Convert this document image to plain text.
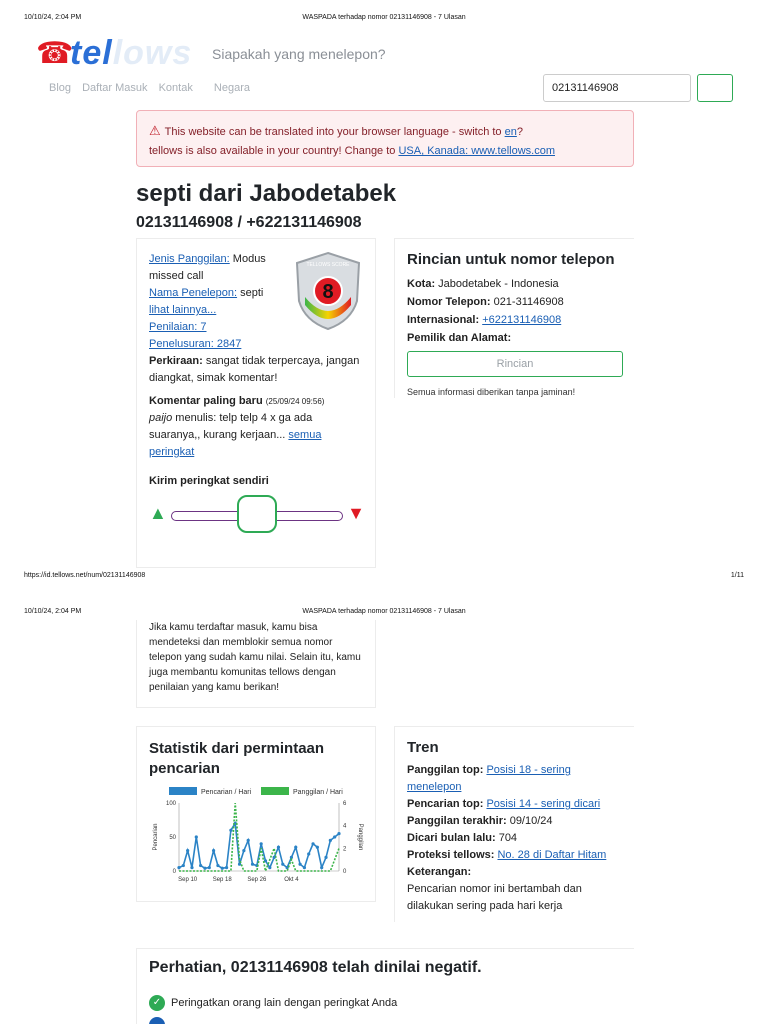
10/10/24, 2:04 PM	WASPADA terhadap nomor 02131146908 - 7 Ulasan
☎
tellows Siapakah yang menelepon?
Blog Daftar Masuk Kontak Negara
02131146908
⚠ This website can be translated into your browser language - switch to en?
tellows is also available in your country! Change to USA, Kanada: www.tellows.com
septi dari Jabodetabek
02131146908 / +622131146908
Jenis Panggilan: Modus missed call
Nama Penelepon: septi
lihat lainnya...
Penilaian: 7
Penelusuran: 2847
Perkiraan: sangat tidak terpercaya, jangan diangkat, simak komentar!
Komentar paling baru (25/09/24 09:56)
paijo menulis: telp telp 4 x ga ada suaranya,, kurang kerjaan... semua peringkat
Kirim peringkat sendiri
8
TELLOWS SCORE
▲	▼
Rincian untuk nomor telepon
Kota: Jabodetabek - Indonesia
Nomor Telepon: 021-31146908
Internasional: +622131146908
Pemilik dan Alamat:
Rincian
Semua informasi diberikan tanpa jaminan!
https://id.tellows.net/num/02131146908	1/11
10/10/24, 2:04 PM	WASPADA terhadap nomor 02131146908 - 7 Ulasan
Jika kamu terdaftar masuk, kamu bisa mendeteksi dan memblokir semua nomor telepon yang sudah kamu nilai. Selain itu, kamu juga membantu komunitas tellows dengan penilaian yang kamu berikan!
Statistik dari permintaan pencarian
Pencarian / Hari	Panggilan / Hari
100
50
0
6
4
2
0
Pencarian	Panggilan
Sep 10	Sep 18	Sep 26	Okt 4
Tren
Panggilan top: Posisi 18 - sering menelepon
Pencarian top: Posisi 14 - sering dicari
Panggilan terakhir: 09/10/24
Dicari bulan lalu: 704
Proteksi tellows: No. 28 di Daftar Hitam
Keterangan:
Pencarian nomor ini bertambah dan dilakukan sering pada hari kerja
Perhatian, 02131146908 telah dinilai negatif.
✓ Peringatkan orang lain dengan peringkat Anda
